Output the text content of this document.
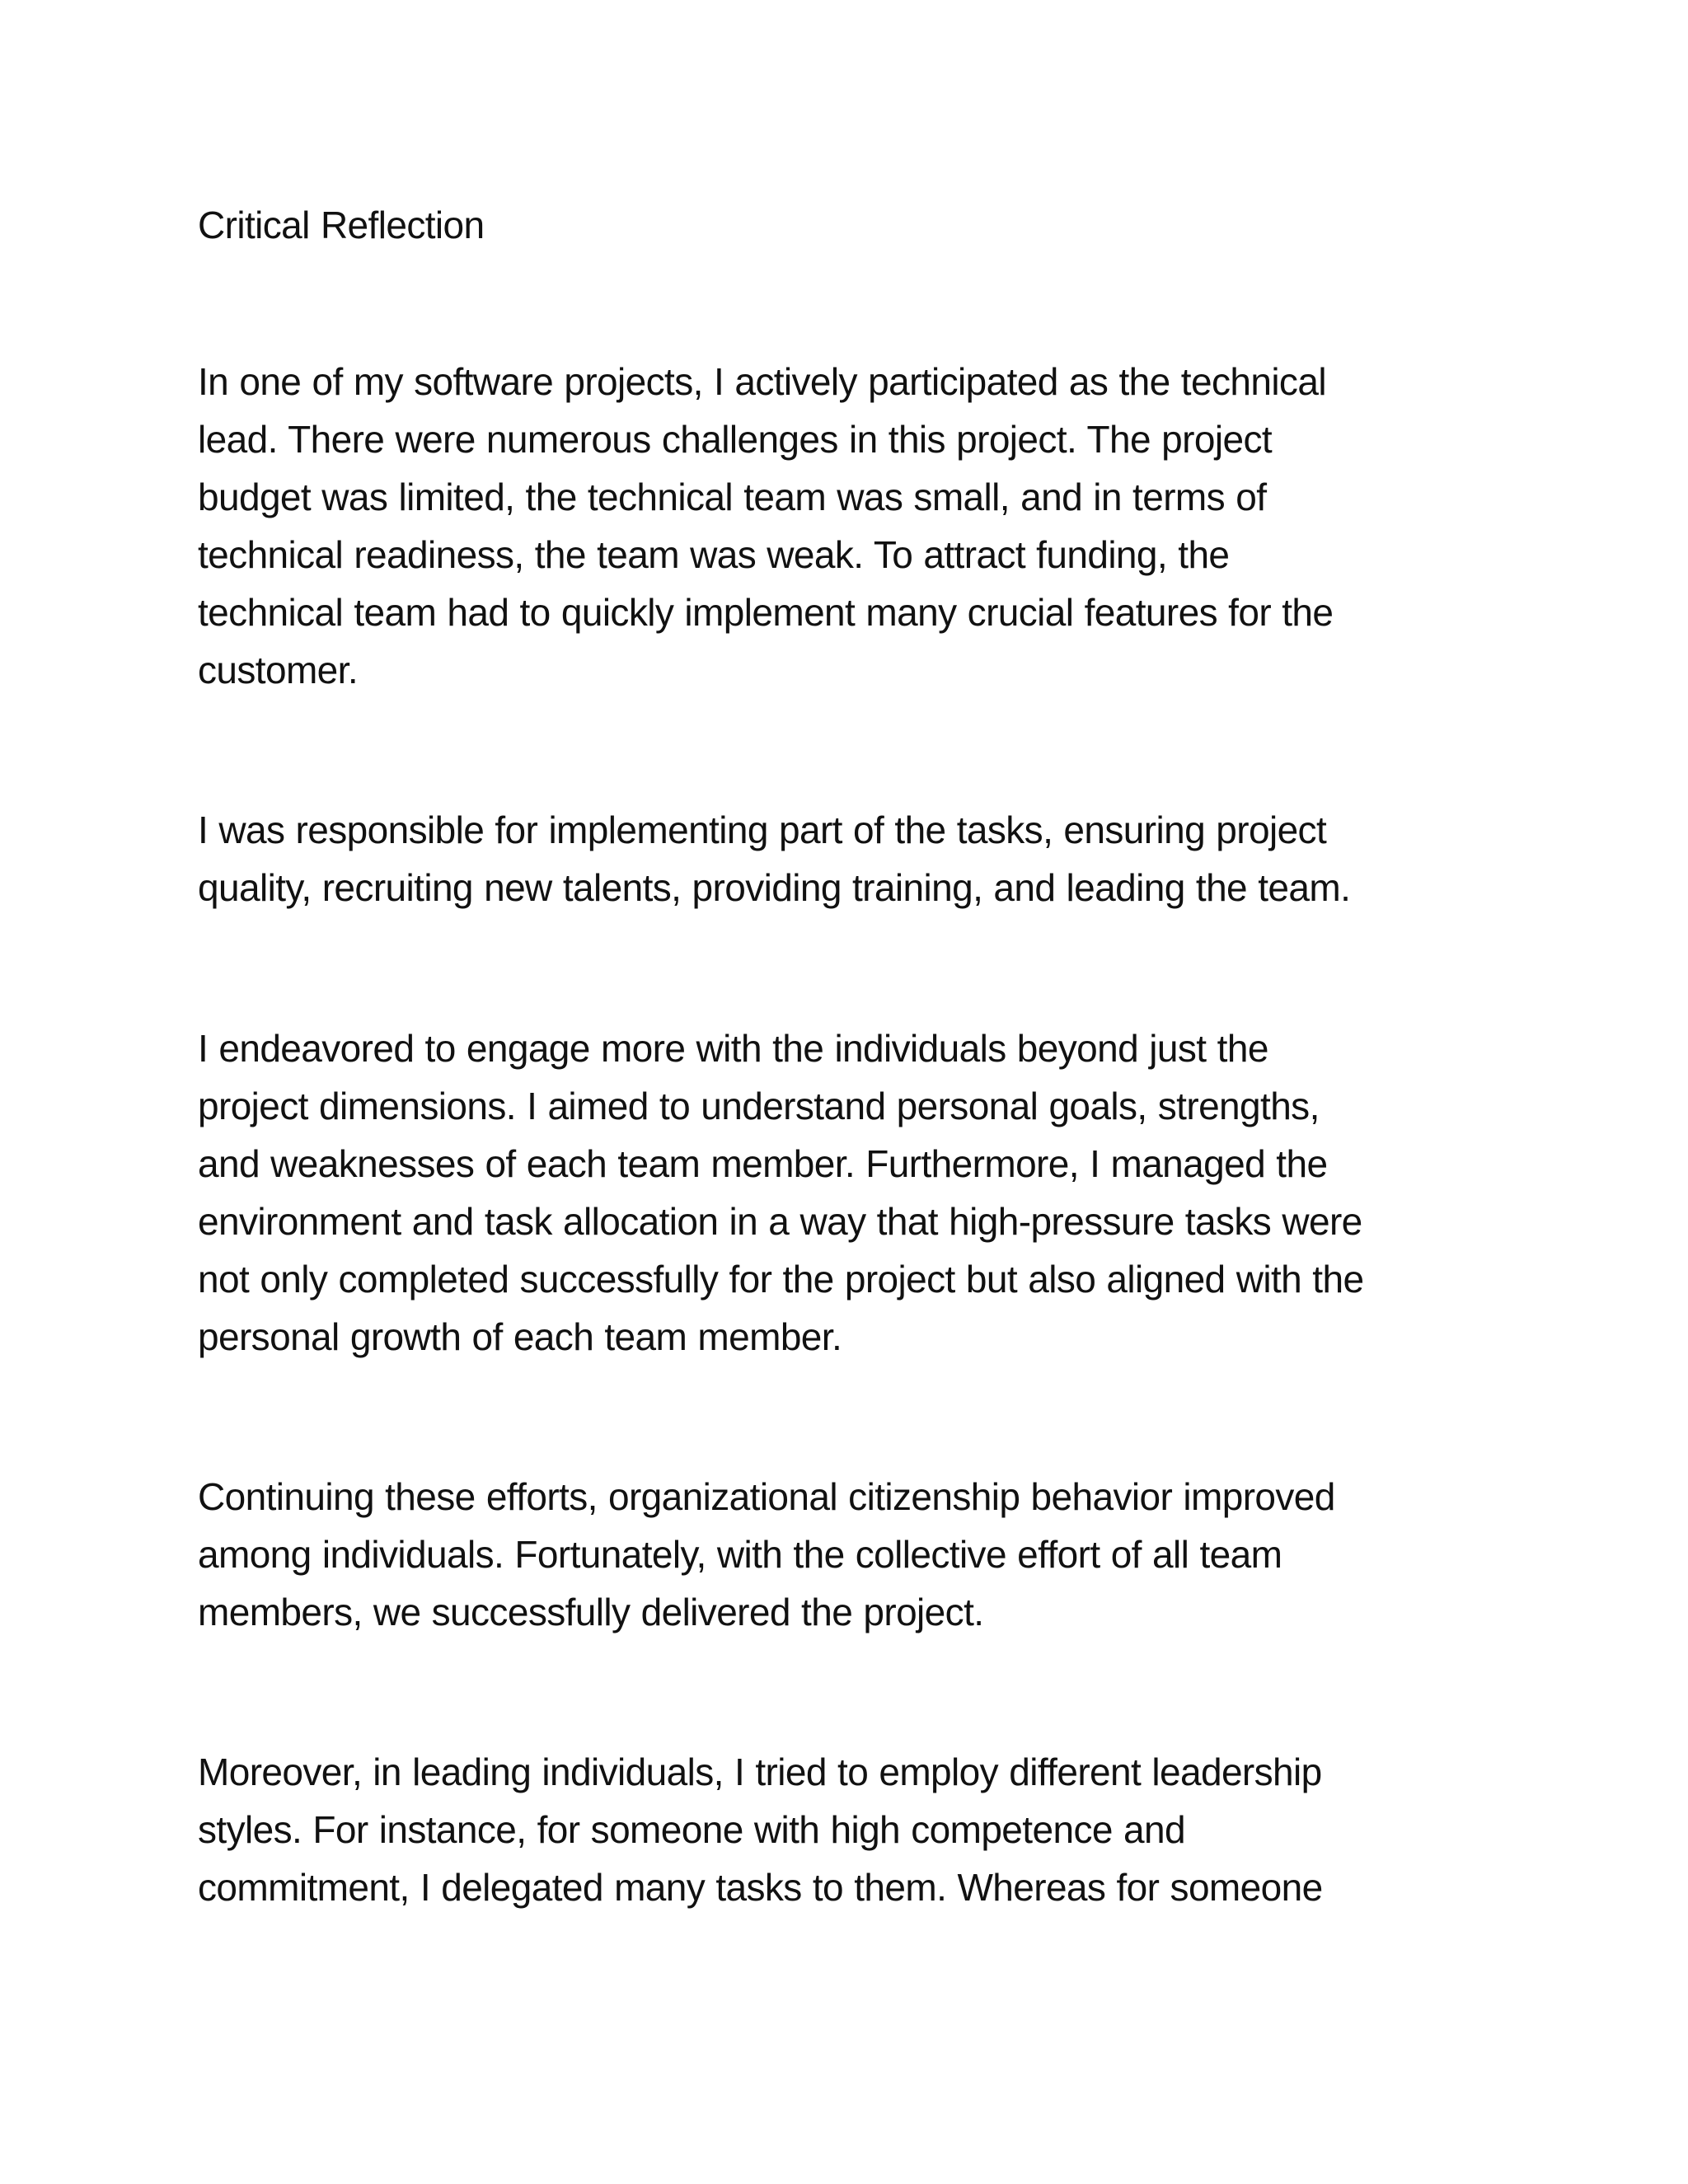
Critical Reflection

In one of my software projects, I actively participated as the technical
lead. There were numerous challenges in this project. The project
budget was limited, the technical team was small, and in terms of
technical readiness, the team was weak. To attract funding, the
technical team had to quickly implement many crucial features for the
customer.

I was responsible for implementing part of the tasks, ensuring project
quality, recruiting new talents, providing training, and leading the team.

I endeavored to engage more with the individuals beyond just the
project dimensions. I aimed to understand personal goals, strengths,
and weaknesses of each team member. Furthermore, I managed the
environment and task allocation in a way that high-pressure tasks were
not only completed successfully for the project but also aligned with the
personal growth of each team member.

Continuing these efforts, organizational citizenship behavior improved
among individuals. Fortunately, with the collective effort of all team
members, we successfully delivered the project.

Moreover, in leading individuals, I tried to employ different leadership
styles. For instance, for someone with high competence and
commitment, I delegated many tasks to them. Whereas for someone
